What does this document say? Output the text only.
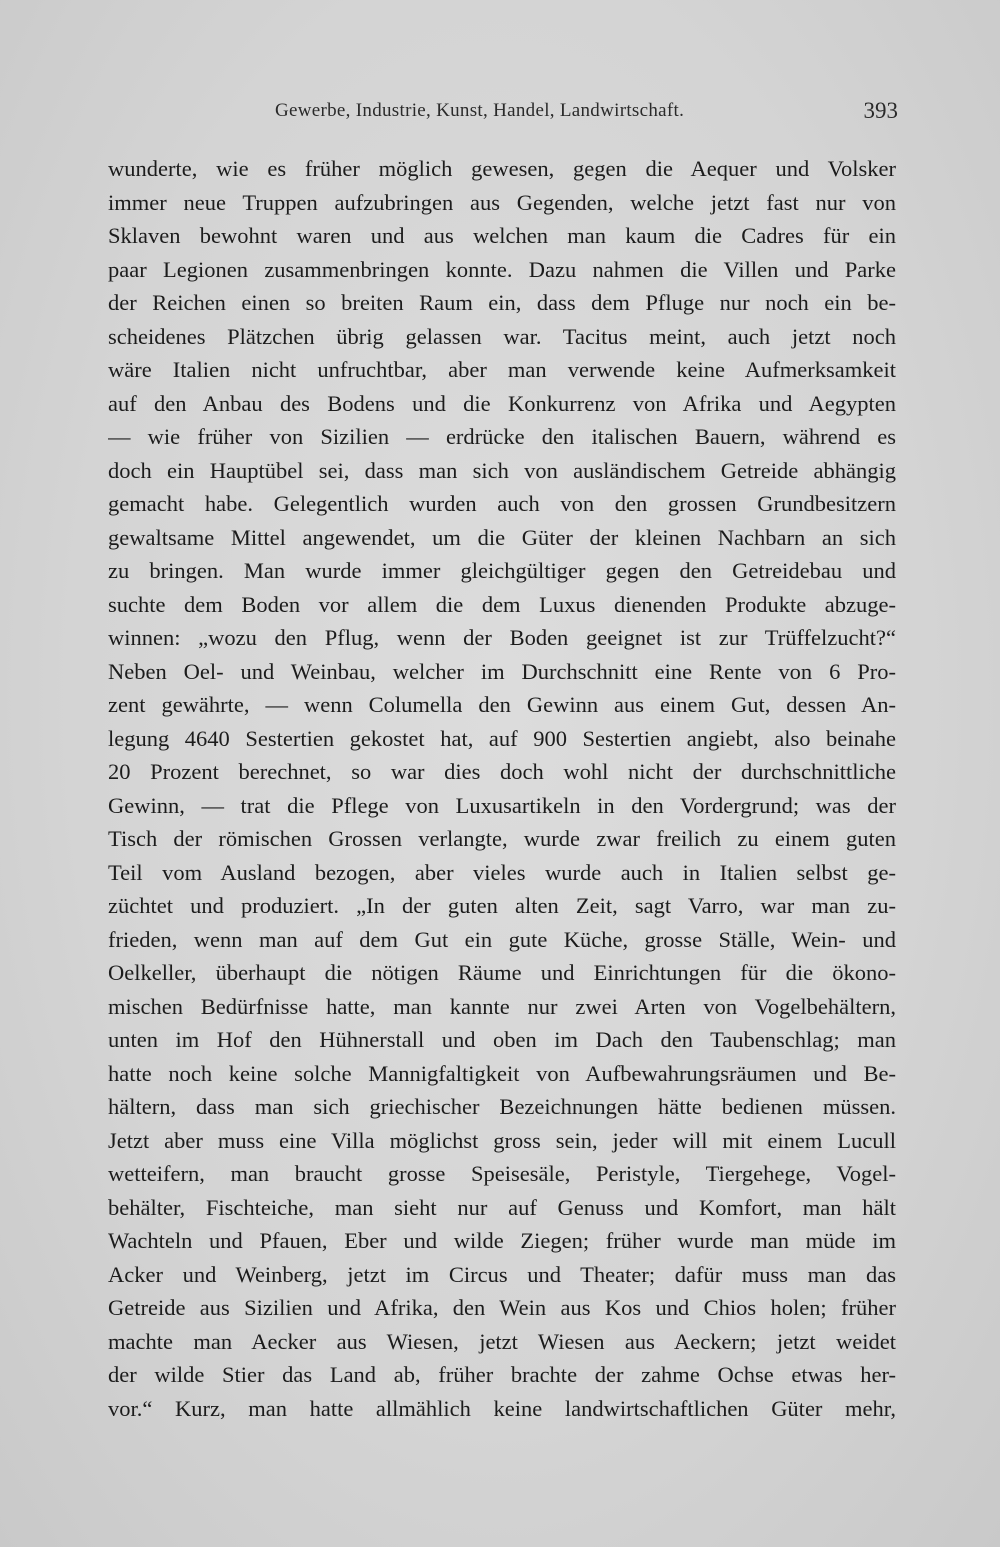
Gewerbe, Industrie, Kunst, Handel, Landwirtschaft.	393
wunderte, wie es früher möglich gewesen, gegen die Aequer und Volsker
immer neue Truppen aufzubringen aus Gegenden, welche jetzt fast nur von
Sklaven bewohnt waren und aus welchen man kaum die Cadres für ein
paar Legionen zusammenbringen konnte. Dazu nahmen die Villen und Parke
der Reichen einen so breiten Raum ein, dass dem Pfluge nur noch ein be-
scheidenes Plätzchen übrig gelassen war. Tacitus meint, auch jetzt noch
wäre Italien nicht unfruchtbar, aber man verwende keine Aufmerksamkeit
auf den Anbau des Bodens und die Konkurrenz von Afrika und Aegypten
— wie früher von Sizilien — erdrücke den italischen Bauern, während es
doch ein Hauptübel sei, dass man sich von ausländischem Getreide abhängig
gemacht habe. Gelegentlich wurden auch von den grossen Grundbesitzern
gewaltsame Mittel angewendet, um die Güter der kleinen Nachbarn an sich
zu bringen. Man wurde immer gleichgültiger gegen den Getreidebau und
suchte dem Boden vor allem die dem Luxus dienenden Produkte abzuge-
winnen: „wozu den Pflug, wenn der Boden geeignet ist zur Trüffelzucht?“
Neben Oel- und Weinbau, welcher im Durchschnitt eine Rente von 6 Pro-
zent gewährte, — wenn Columella den Gewinn aus einem Gut, dessen An-
legung 4640 Sestertien gekostet hat, auf 900 Sestertien angiebt, also beinahe
20 Prozent berechnet, so war dies doch wohl nicht der durchschnittliche
Gewinn, — trat die Pflege von Luxusartikeln in den Vordergrund; was der
Tisch der römischen Grossen verlangte, wurde zwar freilich zu einem guten
Teil vom Ausland bezogen, aber vieles wurde auch in Italien selbst ge-
züchtet und produziert. „In der guten alten Zeit, sagt Varro, war man zu-
frieden, wenn man auf dem Gut ein gute Küche, grosse Ställe, Wein- und
Oelkeller, überhaupt die nötigen Räume und Einrichtungen für die ökono-
mischen Bedürfnisse hatte, man kannte nur zwei Arten von Vogelbehältern,
unten im Hof den Hühnerstall und oben im Dach den Taubenschlag; man
hatte noch keine solche Mannigfaltigkeit von Aufbewahrungsräumen und Be-
hältern, dass man sich griechischer Bezeichnungen hätte bedienen müssen.
Jetzt aber muss eine Villa möglichst gross sein, jeder will mit einem Lucull
wetteifern, man braucht grosse Speisesäle, Peristyle, Tiergehege, Vogel-
behälter, Fischteiche, man sieht nur auf Genuss und Komfort, man hält
Wachteln und Pfauen, Eber und wilde Ziegen; früher wurde man müde im
Acker und Weinberg, jetzt im Circus und Theater; dafür muss man das
Getreide aus Sizilien und Afrika, den Wein aus Kos und Chios holen; früher
machte man Aecker aus Wiesen, jetzt Wiesen aus Aeckern; jetzt weidet
der wilde Stier das Land ab, früher brachte der zahme Ochse etwas her-
vor.“ Kurz, man hatte allmählich keine landwirtschaftlichen Güter mehr,
